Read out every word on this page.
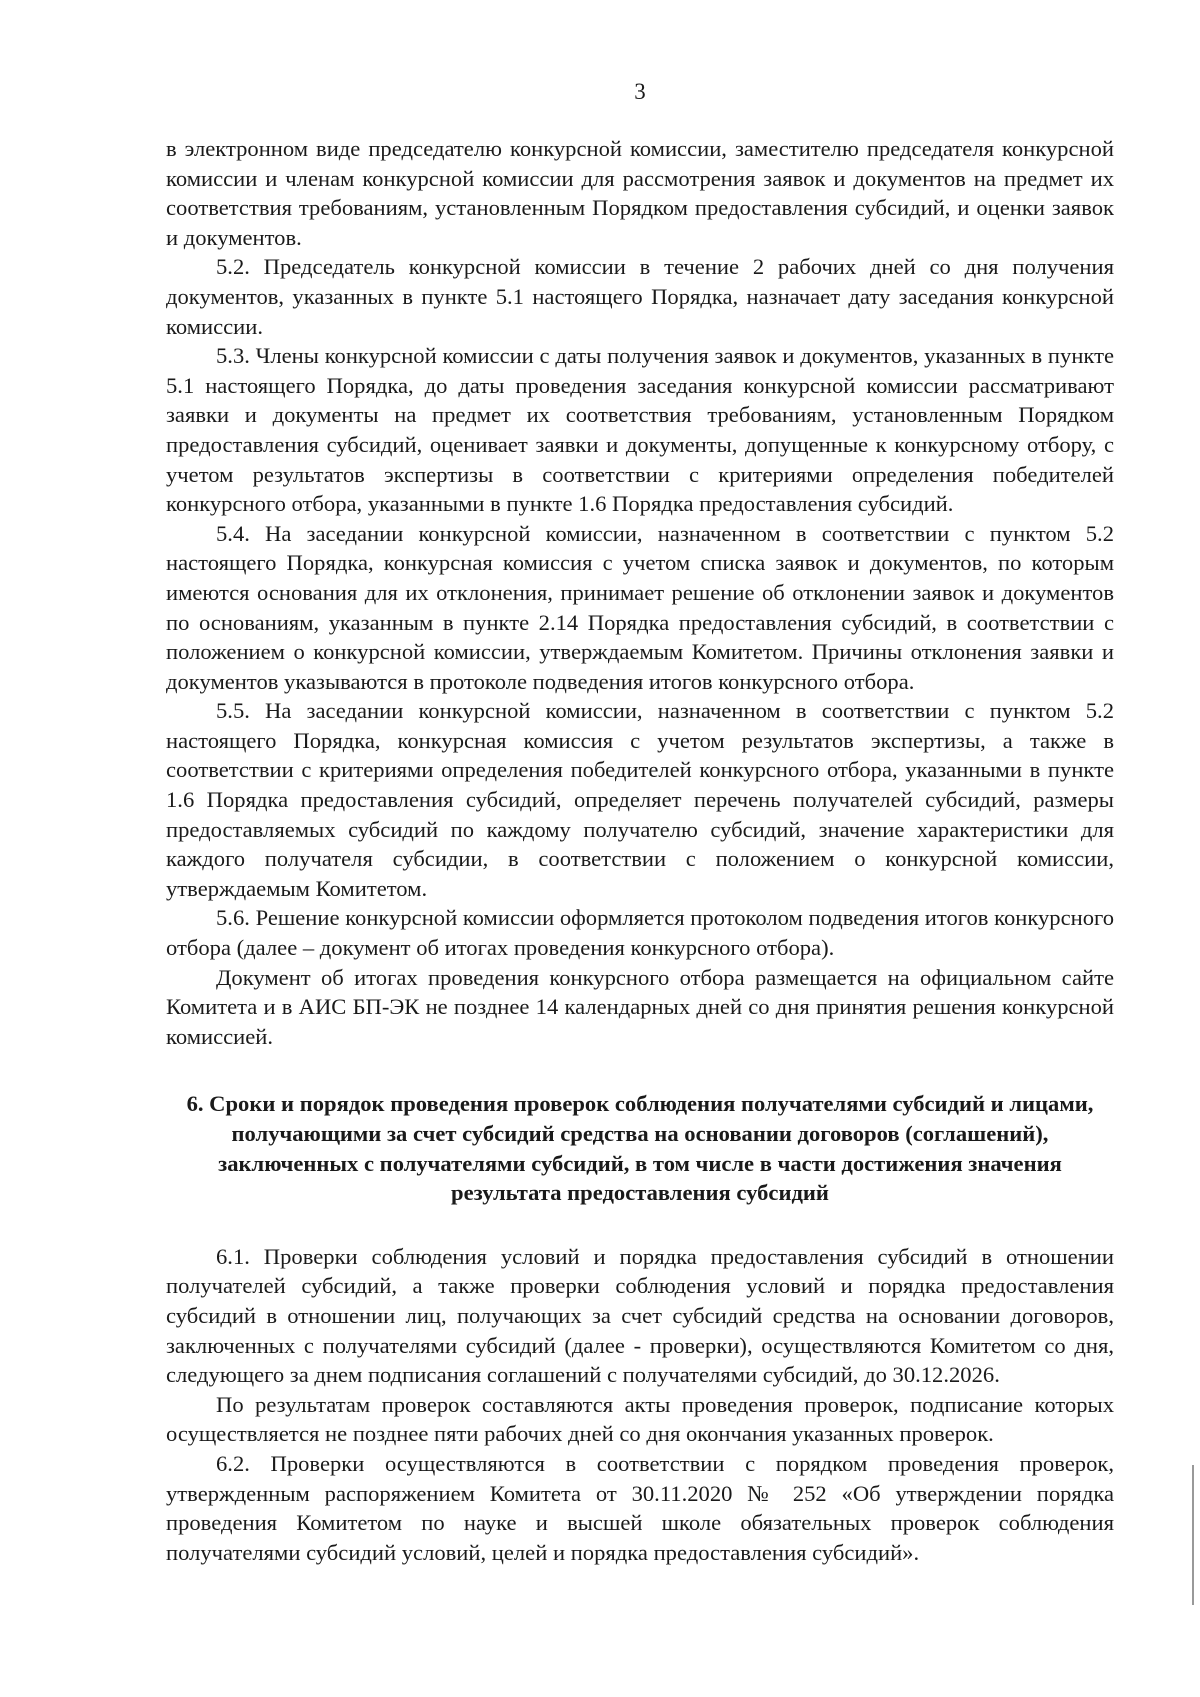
3

в электронном виде председателю конкурсной комиссии, заместителю председателя конкурсной комиссии и членам конкурсной комиссии для рассмотрения заявок и документов на предмет их соответствия требованиям, установленным Порядком предоставления субсидий, и оценки заявок и документов.

5.2. Председатель конкурсной комиссии в течение 2 рабочих дней со дня получения документов, указанных в пункте 5.1 настоящего Порядка, назначает дату заседания конкурсной комиссии.

5.3. Члены конкурсной комиссии с даты получения заявок и документов, указанных в пункте 5.1 настоящего Порядка, до даты проведения заседания конкурсной комиссии рассматривают заявки и документы на предмет их соответствия требованиям, установленным Порядком предоставления субсидий, оценивает заявки и документы, допущенные к конкурсному отбору, с учетом результатов экспертизы в соответствии с критериями определения победителей конкурсного отбора, указанными в пункте 1.6 Порядка предоставления субсидий.

5.4. На заседании конкурсной комиссии, назначенном в соответствии с пунктом 5.2 настоящего Порядка, конкурсная комиссия с учетом списка заявок и документов, по которым имеются основания для их отклонения, принимает решение об отклонении заявок и документов по основаниям, указанным в пункте 2.14 Порядка предоставления субсидий, в соответствии с положением о конкурсной комиссии, утверждаемым Комитетом. Причины отклонения заявки и документов указываются в протоколе подведения итогов конкурсного отбора.

5.5. На заседании конкурсной комиссии, назначенном в соответствии с пунктом 5.2 настоящего Порядка, конкурсная комиссия с учетом результатов экспертизы, а также в соответствии с критериями определения победителей конкурсного отбора, указанными в пункте 1.6 Порядка предоставления субсидий, определяет перечень получателей субсидий, размеры предоставляемых субсидий по каждому получателю субсидий, значение характеристики для каждого получателя субсидии, в соответствии с положением о конкурсной комиссии, утверждаемым Комитетом.

5.6. Решение конкурсной комиссии оформляется протоколом подведения итогов конкурсного отбора (далее – документ об итогах проведения конкурсного отбора).

Документ об итогах проведения конкурсного отбора размещается на официальном сайте Комитета и в АИС БП-ЭК не позднее 14 календарных дней со дня принятия решения конкурсной комиссией.

6. Сроки и порядок проведения проверок соблюдения получателями субсидий и лицами, получающими за счет субсидий средства на основании договоров (соглашений), заключенных с получателями субсидий, в том числе в части достижения значения результата предоставления субсидий

6.1. Проверки соблюдения условий и порядка предоставления субсидий в отношении получателей субсидий, а также проверки соблюдения условий и порядка предоставления субсидий в отношении лиц, получающих за счет субсидий средства на основании договоров, заключенных с получателями субсидий (далее - проверки), осуществляются Комитетом со дня, следующего за днем подписания соглашений с получателями субсидий, до 30.12.2026.

По результатам проверок составляются акты проведения проверок, подписание которых осуществляется не позднее пяти рабочих дней со дня окончания указанных проверок.

6.2. Проверки осуществляются в соответствии с порядком проведения проверок, утвержденным распоряжением Комитета от 30.11.2020 № 252 «Об утверждении порядка проведения Комитетом по науке и высшей школе обязательных проверок соблюдения получателями субсидий условий, целей и порядка предоставления субсидий».
